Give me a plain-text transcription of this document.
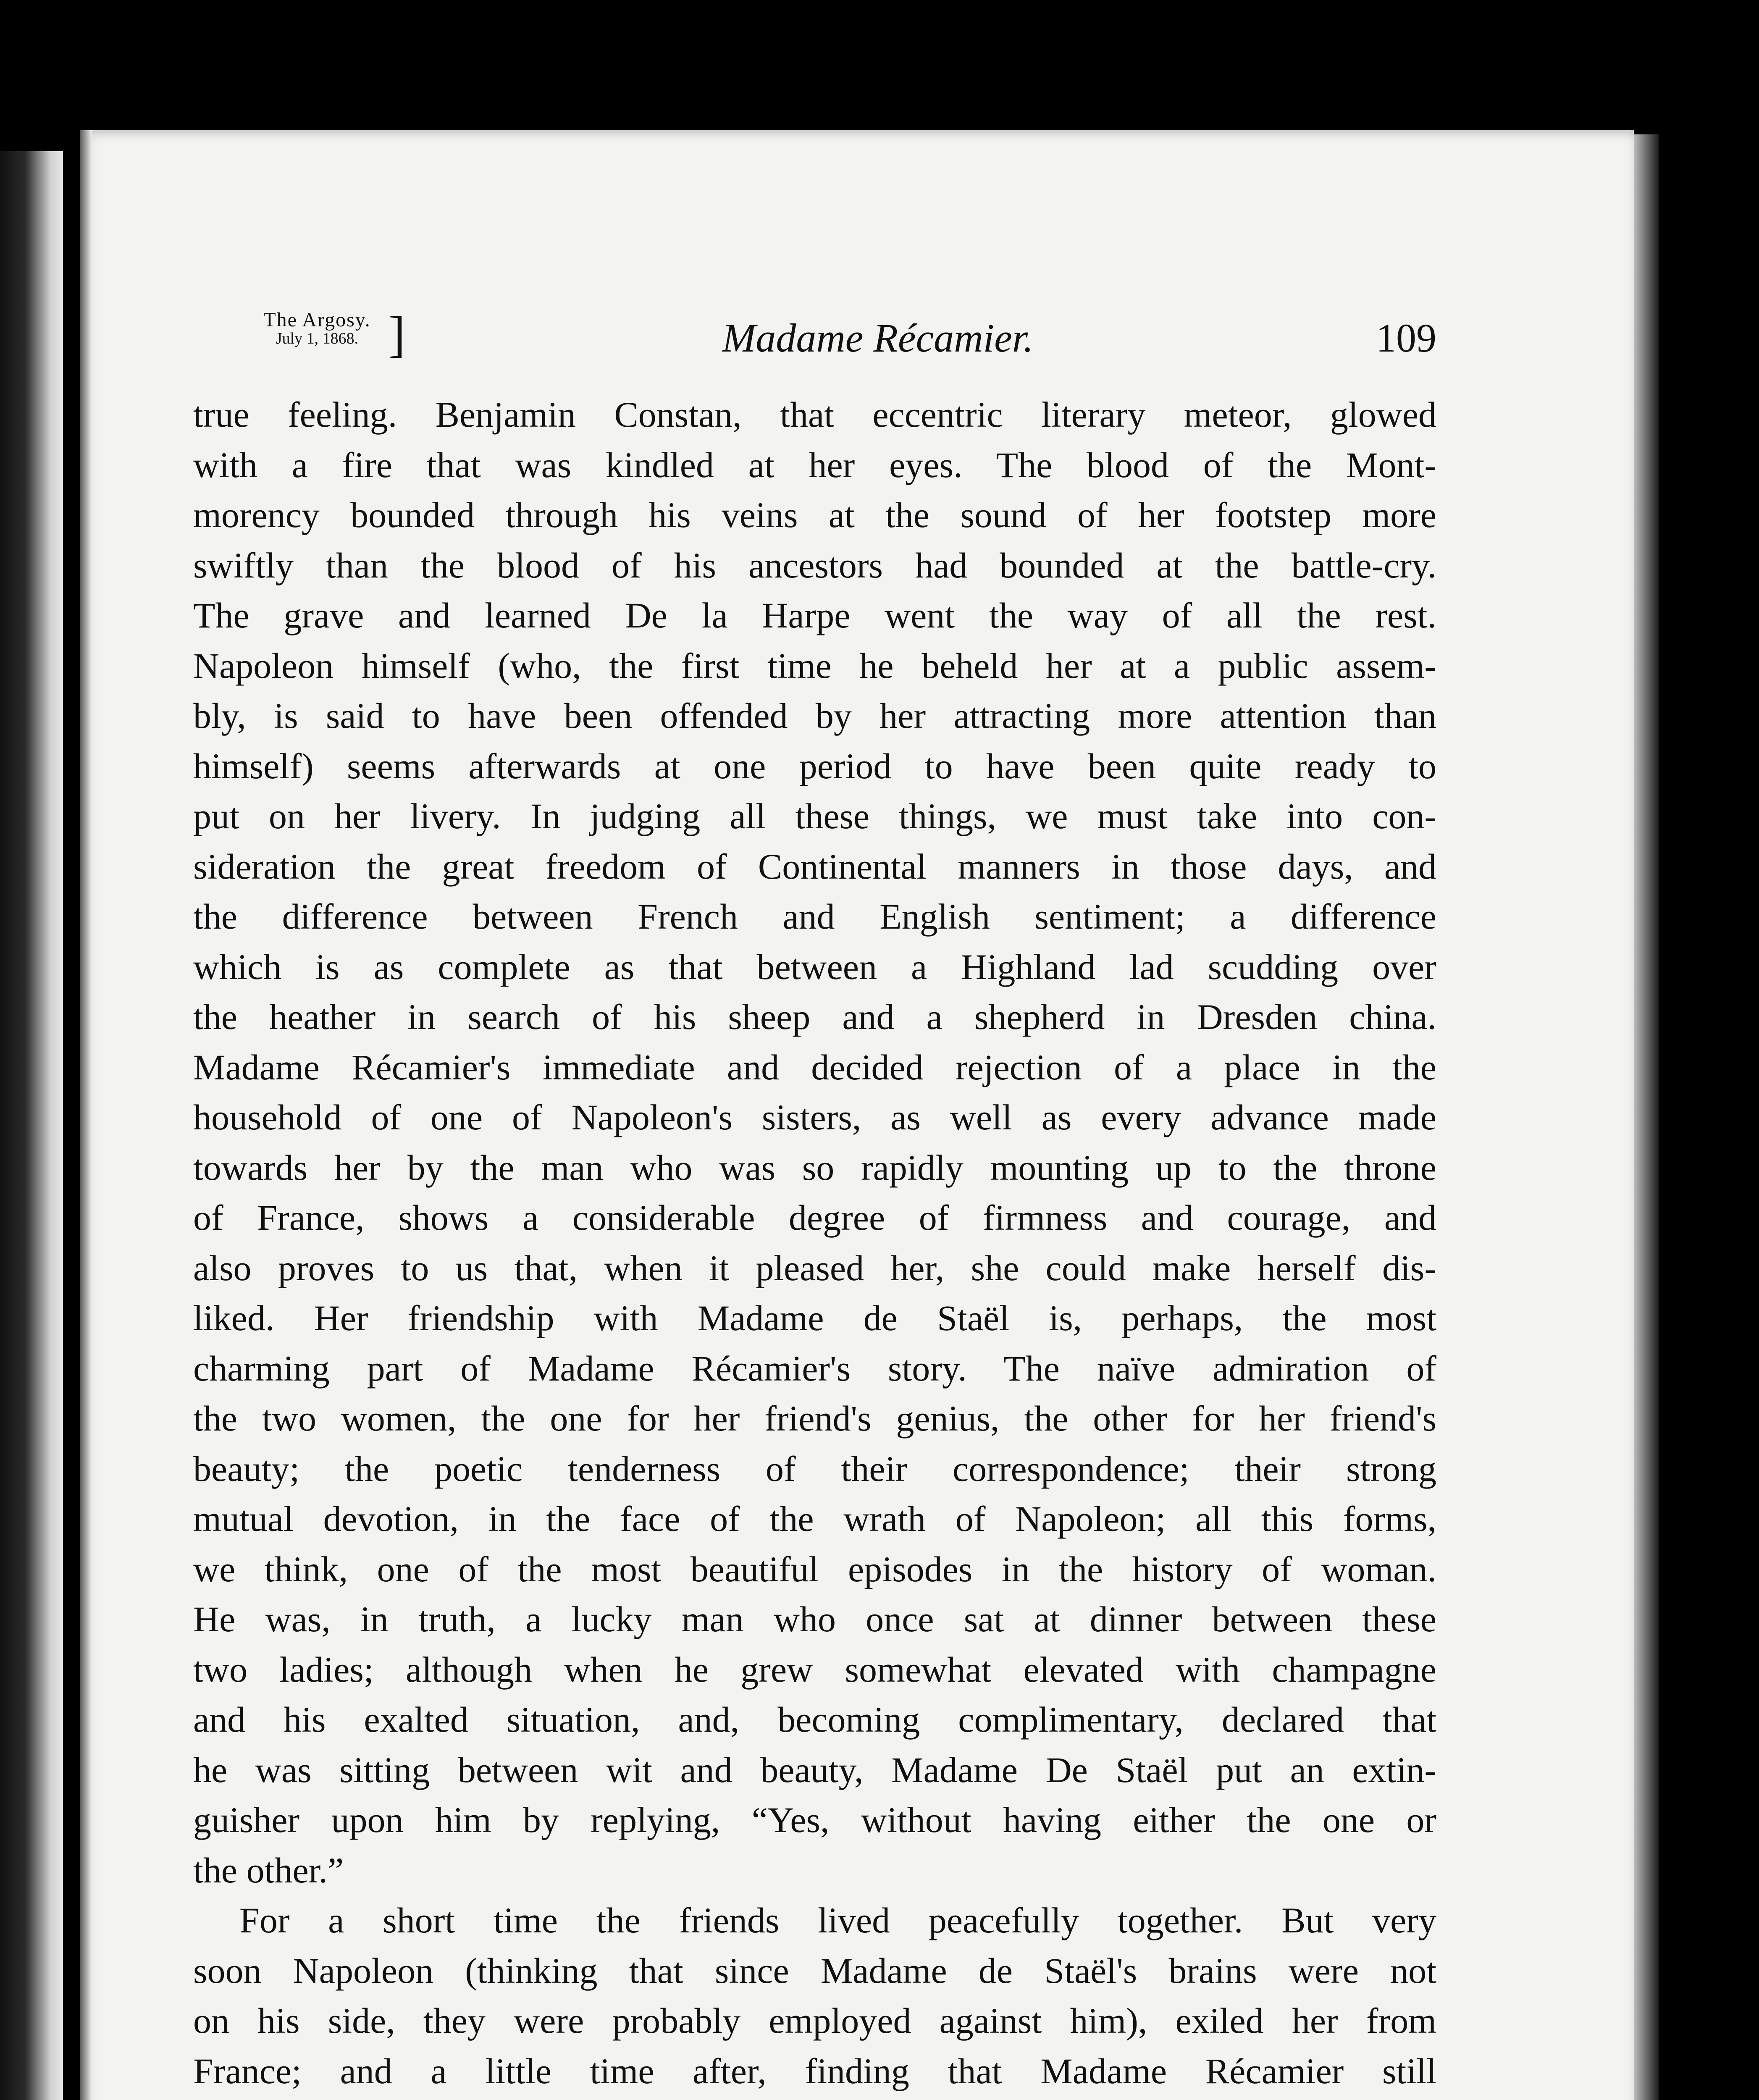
The Argosy.
July 1, 1868. ]	Madame Récamier.	109
true feeling. Benjamin Constan, that eccentric literary meteor, glowed
with a fire that was kindled at her eyes. The blood of the Mont-
morency bounded through his veins at the sound of her footstep more
swiftly than the blood of his ancestors had bounded at the battle-cry.
The grave and learned De la Harpe went the way of all the rest.
Napoleon himself (who, the first time he beheld her at a public assem-
bly, is said to have been offended by her attracting more attention than
himself) seems afterwards at one period to have been quite ready to
put on her livery. In judging all these things, we must take into con-
sideration the great freedom of Continental manners in those days, and
the difference between French and English sentiment; a difference
which is as complete as that between a Highland lad scudding over
the heather in search of his sheep and a shepherd in Dresden china.
Madame Récamier's immediate and decided rejection of a place in the
household of one of Napoleon's sisters, as well as every advance made
towards her by the man who was so rapidly mounting up to the throne
of France, shows a considerable degree of firmness and courage, and
also proves to us that, when it pleased her, she could make herself dis-
liked. Her friendship with Madame de Staël is, perhaps, the most
charming part of Madame Récamier's story. The naïve admiration of
the two women, the one for her friend's genius, the other for her friend's
beauty; the poetic tenderness of their correspondence; their strong
mutual devotion, in the face of the wrath of Napoleon; all this forms,
we think, one of the most beautiful episodes in the history of woman.
He was, in truth, a lucky man who once sat at dinner between these
two ladies; although when he grew somewhat elevated with champagne
and his exalted situation, and, becoming complimentary, declared that
he was sitting between wit and beauty, Madame De Staël put an extin-
guisher upon him by replying, “Yes, without having either the one or
the other.”
For a short time the friends lived peacefully together. But very
soon Napoleon (thinking that since Madame de Staël's brains were not
on his side, they were probably employed against him), exiled her from
France; and a little time after, finding that Madame Récamier still
